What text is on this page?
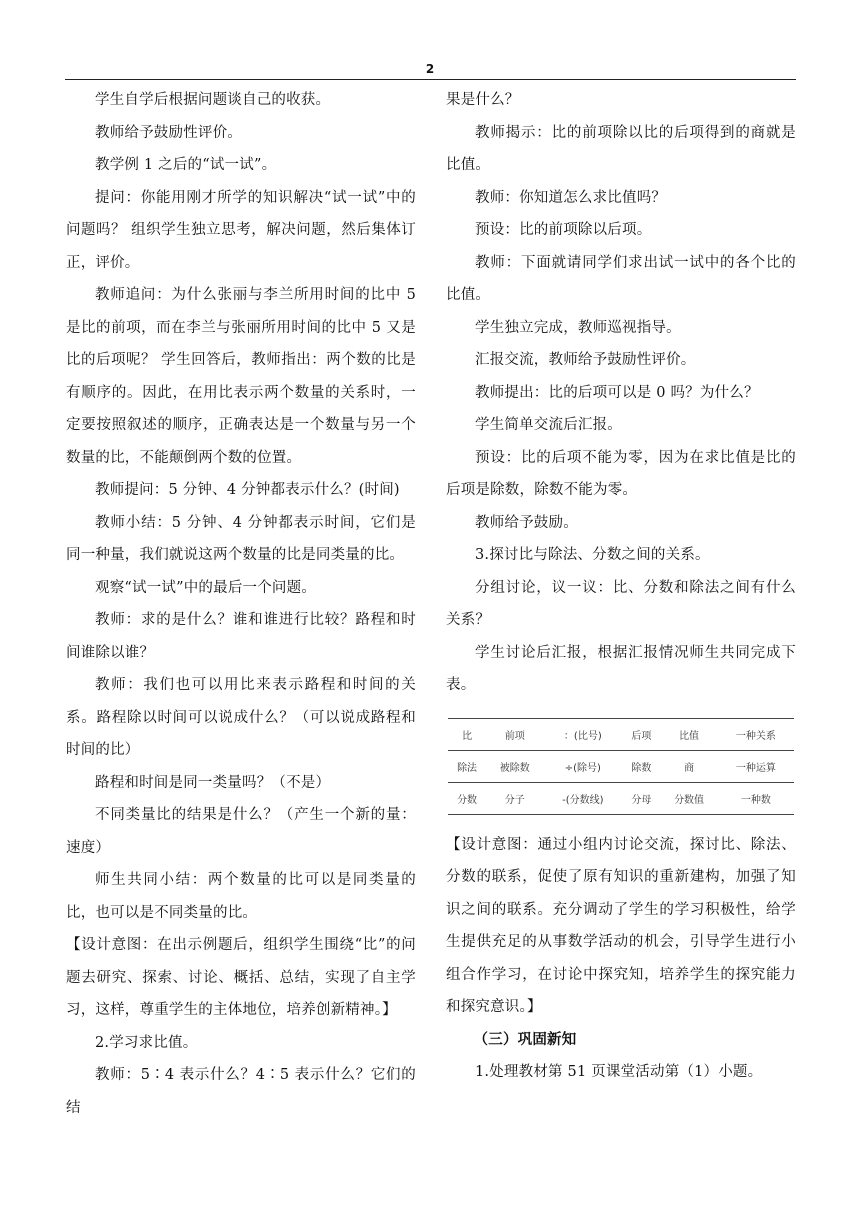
2

学生自学后根据问题谈自己的收获。

教师给予鼓励性评价。

教学例 1 之后的“试一试”。

提问：你能用刚才所学的知识解决“试一试”中的问题吗？ 组织学生独立思考，解决问题，然后集体订正，评价。

教师追问：为什么张丽与李兰所用时间的比中 5 是比的前项，而在李兰与张丽所用时间的比中 5 又是比的后项呢？ 学生回答后，教师指出：两个数的比是有顺序的。因此，在用比表示两个数量的关系时，一定要按照叙述的顺序，正确表达是一个数量与另一个数量的比，不能颠倒两个数的位置。

教师提问：5 分钟、4 分钟都表示什么？(时间)

教师小结：5 分钟、4 分钟都表示时间，它们是同一种量，我们就说这两个数量的比是同类量的比。

观察“试一试”中的最后一个问题。

教师：求的是什么？谁和谁进行比较？路程和时间谁除以谁？

教师：我们也可以用比来表示路程和时间的关系。路程除以时间可以说成什么？（可以说成路程和时间的比）

路程和时间是同一类量吗？（不是）

不同类量比的结果是什么？（产生一个新的量：速度）

师生共同小结：两个数量的比可以是同类量的比，也可以是不同类量的比。

【设计意图：在出示例题后，组织学生围绕“比”的问题去研究、探索、讨论、概括、总结，实现了自主学习，这样，尊重学生的主体地位，培养创新精神。】

2.学习求比值。

教师：5∶4 表示什么？4∶5 表示什么？它们的结

果是什么？

教师揭示：比的前项除以比的后项得到的商就是比值。

教师：你知道怎么求比值吗？

预设：比的前项除以后项。

教师：下面就请同学们求出试一试中的各个比的比值。

学生独立完成，教师巡视指导。

汇报交流，教师给予鼓励性评价。

教师提出：比的后项可以是 0 吗？为什么？

学生简单交流后汇报。

预设：比的后项不能为零，因为在求比值是比的后项是除数，除数不能为零。

教师给予鼓励。

3.探讨比与除法、分数之间的关系。

分组讨论，议一议：比、分数和除法之间有什么关系？

学生讨论后汇报，根据汇报情况师生共同完成下表。

比	前项	：(比号)	后项	比值	一种关系
除法	被除数	÷(除号)	除数	商	一种运算
分数	分子	-(分数线)	分母	分数值	一种数

【设计意图：通过小组内讨论交流，探讨比、除法、分数的联系，促使了原有知识的重新建构，加强了知识之间的联系。充分调动了学生的学习积极性，给学生提供充足的从事数学活动的机会，引导学生进行小组合作学习，在讨论中探究知，培养学生的探究能力和探究意识。】

（三）巩固新知

1.处理教材第 51 页课堂活动第（1）小题。
